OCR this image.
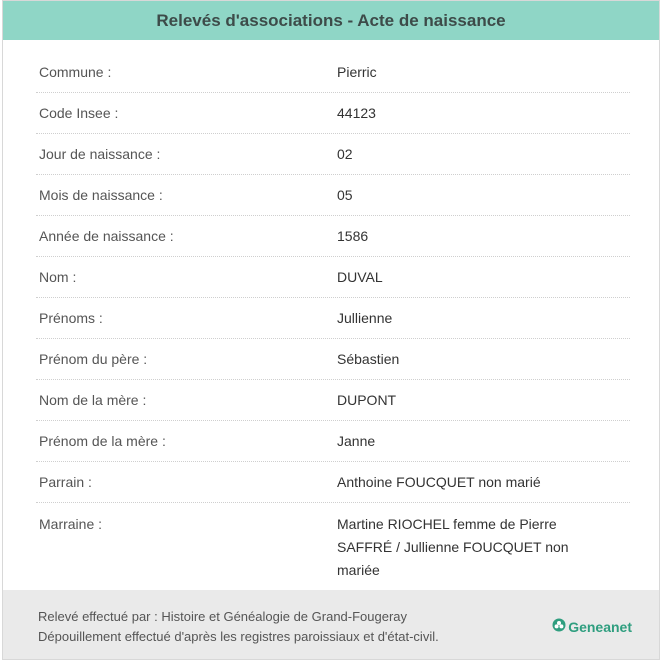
Relevés d'associations - Acte de naissance
Commune :	Pierric
Code Insee :	44123
Jour de naissance :	02
Mois de naissance :	05
Année de naissance :	1586
Nom :	DUVAL
Prénoms :	Jullienne
Prénom du père :	Sébastien
Nom de la mère :	DUPONT
Prénom de la mère :	Janne
Parrain :	Anthoine FOUCQUET non marié
Marraine :	Martine RIOCHEL femme de Pierre SAFFRÉ / Jullienne FOUCQUET non mariée
Relevé effectué par : Histoire et Généalogie de Grand-Fougeray
Dépouillement effectué d'après les registres paroissiaux et d'état-civil.
Geneanet
